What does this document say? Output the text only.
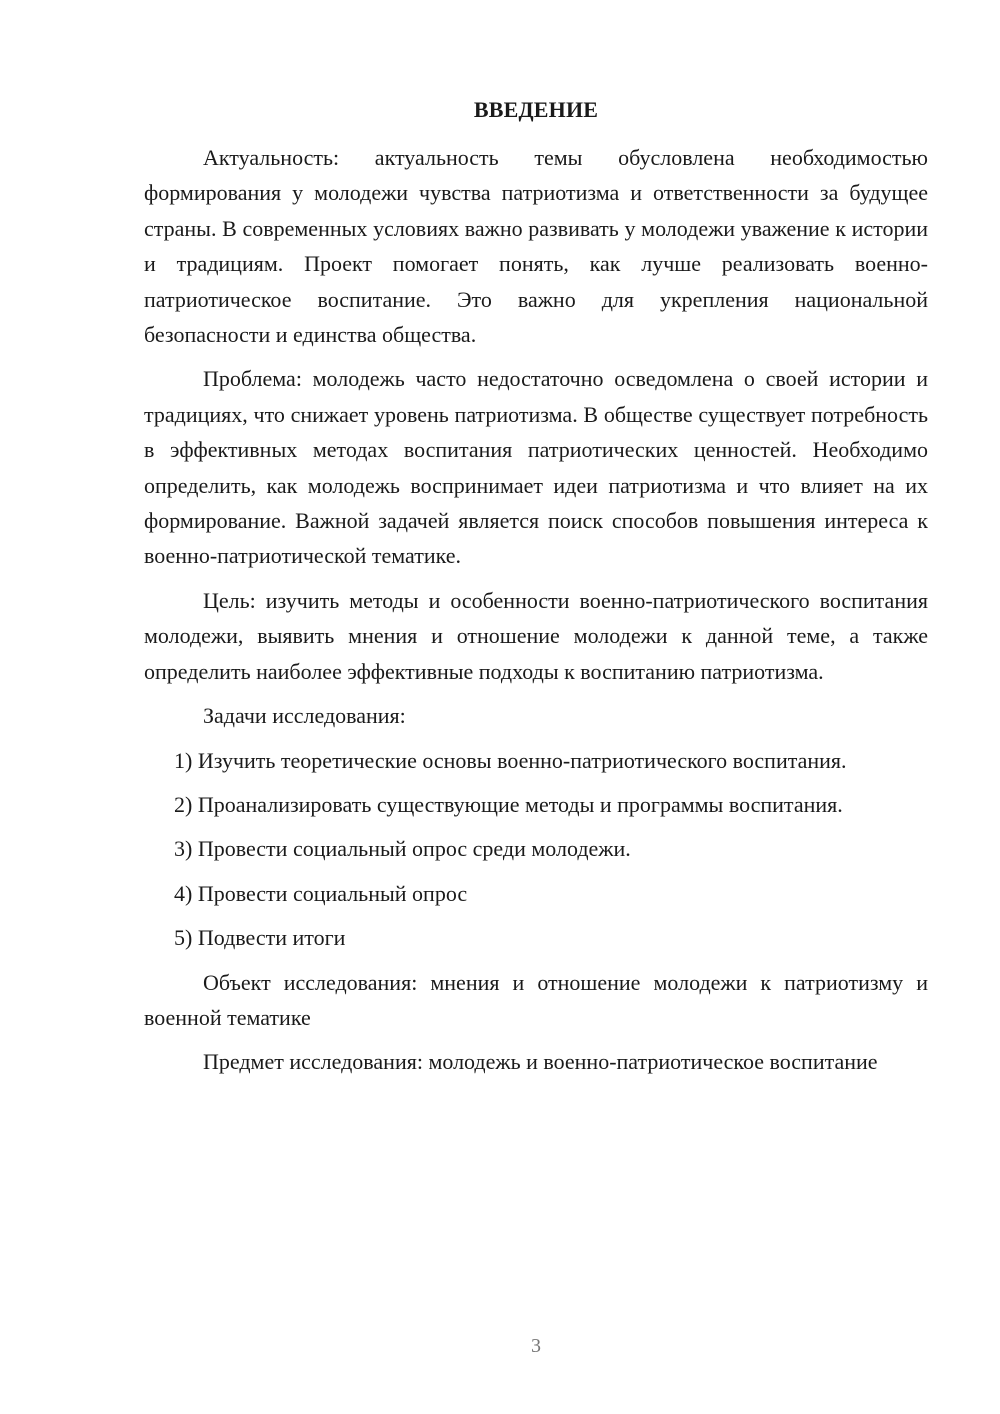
ВВЕДЕНИЕ

Актуальность: актуальность темы обусловлена необходимостью формирования у молодежи чувства патриотизма и ответственности за будущее страны. В современных условиях важно развивать у молодежи уважение к истории и традициям. Проект помогает понять, как лучше реализовать военно-патриотическое воспитание. Это важно для укрепления национальной безопасности и единства общества.

Проблема: молодежь часто недостаточно осведомлена о своей истории и традициях, что снижает уровень патриотизма. В обществе существует потребность в эффективных методах воспитания патриотических ценностей. Необходимо определить, как молодежь воспринимает идеи патриотизма и что влияет на их формирование. Важной задачей является поиск способов повышения интереса к военно-патриотической тематике.

Цель: изучить методы и особенности военно-патриотического воспитания молодежи, выявить мнения и отношение молодежи к данной теме, а также определить наиболее эффективные подходы к воспитанию патриотизма.

Задачи исследования:

1) Изучить теоретические основы военно-патриотического воспитания.

2) Проанализировать существующие методы и программы воспитания.

3) Провести социальный опрос среди молодежи.

4) Провести социальный опрос

5) Подвести итоги

Объект исследования: мнения и отношение молодежи к патриотизму и военной тематике

Предмет исследования: молодежь и военно-патриотическое воспитание

3
